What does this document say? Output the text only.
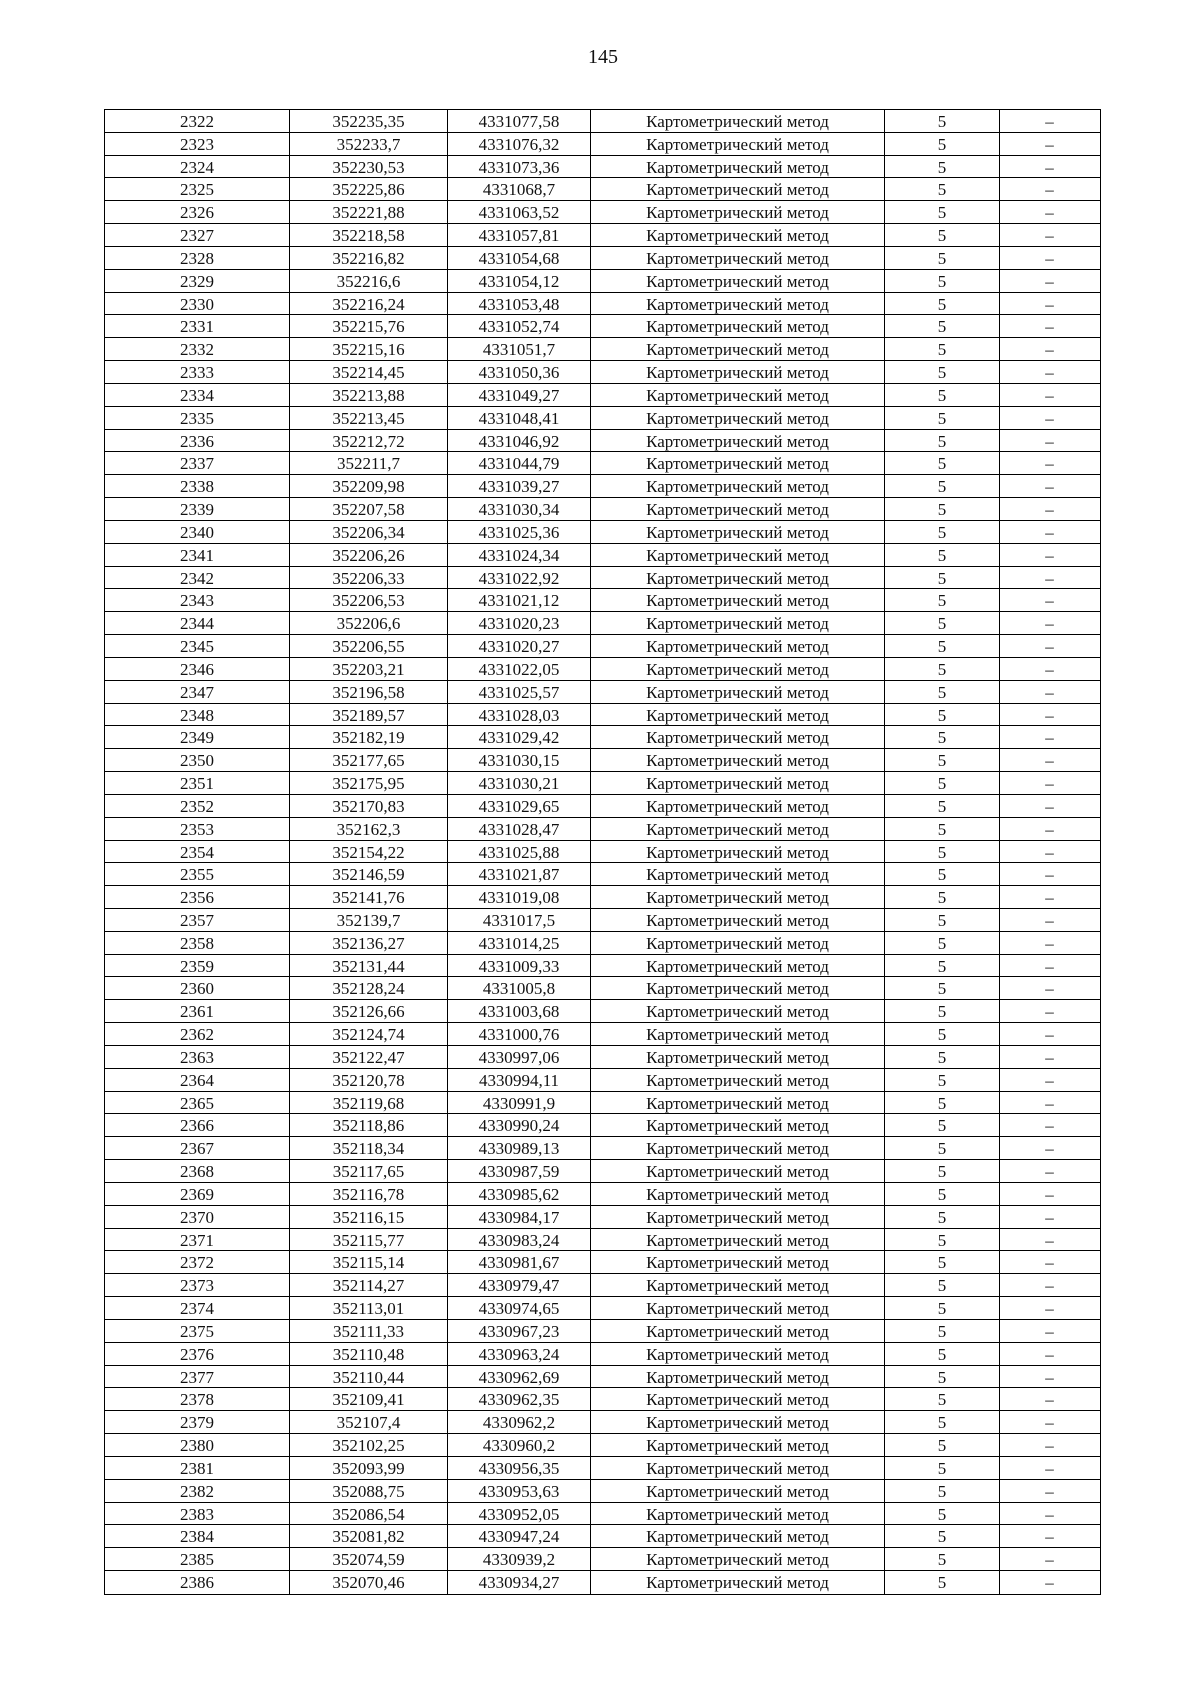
145
2322	352235,35	4331077,58	Картометрический метод	5	–
2323	352233,7	4331076,32	Картометрический метод	5	–
2324	352230,53	4331073,36	Картометрический метод	5	–
2325	352225,86	4331068,7	Картометрический метод	5	–
2326	352221,88	4331063,52	Картометрический метод	5	–
2327	352218,58	4331057,81	Картометрический метод	5	–
2328	352216,82	4331054,68	Картометрический метод	5	–
2329	352216,6	4331054,12	Картометрический метод	5	–
2330	352216,24	4331053,48	Картометрический метод	5	–
2331	352215,76	4331052,74	Картометрический метод	5	–
2332	352215,16	4331051,7	Картометрический метод	5	–
2333	352214,45	4331050,36	Картометрический метод	5	–
2334	352213,88	4331049,27	Картометрический метод	5	–
2335	352213,45	4331048,41	Картометрический метод	5	–
2336	352212,72	4331046,92	Картометрический метод	5	–
2337	352211,7	4331044,79	Картометрический метод	5	–
2338	352209,98	4331039,27	Картометрический метод	5	–
2339	352207,58	4331030,34	Картометрический метод	5	–
2340	352206,34	4331025,36	Картометрический метод	5	–
2341	352206,26	4331024,34	Картометрический метод	5	–
2342	352206,33	4331022,92	Картометрический метод	5	–
2343	352206,53	4331021,12	Картометрический метод	5	–
2344	352206,6	4331020,23	Картометрический метод	5	–
2345	352206,55	4331020,27	Картометрический метод	5	–
2346	352203,21	4331022,05	Картометрический метод	5	–
2347	352196,58	4331025,57	Картометрический метод	5	–
2348	352189,57	4331028,03	Картометрический метод	5	–
2349	352182,19	4331029,42	Картометрический метод	5	–
2350	352177,65	4331030,15	Картометрический метод	5	–
2351	352175,95	4331030,21	Картометрический метод	5	–
2352	352170,83	4331029,65	Картометрический метод	5	–
2353	352162,3	4331028,47	Картометрический метод	5	–
2354	352154,22	4331025,88	Картометрический метод	5	–
2355	352146,59	4331021,87	Картометрический метод	5	–
2356	352141,76	4331019,08	Картометрический метод	5	–
2357	352139,7	4331017,5	Картометрический метод	5	–
2358	352136,27	4331014,25	Картометрический метод	5	–
2359	352131,44	4331009,33	Картометрический метод	5	–
2360	352128,24	4331005,8	Картометрический метод	5	–
2361	352126,66	4331003,68	Картометрический метод	5	–
2362	352124,74	4331000,76	Картометрический метод	5	–
2363	352122,47	4330997,06	Картометрический метод	5	–
2364	352120,78	4330994,11	Картометрический метод	5	–
2365	352119,68	4330991,9	Картометрический метод	5	–
2366	352118,86	4330990,24	Картометрический метод	5	–
2367	352118,34	4330989,13	Картометрический метод	5	–
2368	352117,65	4330987,59	Картометрический метод	5	–
2369	352116,78	4330985,62	Картометрический метод	5	–
2370	352116,15	4330984,17	Картометрический метод	5	–
2371	352115,77	4330983,24	Картометрический метод	5	–
2372	352115,14	4330981,67	Картометрический метод	5	–
2373	352114,27	4330979,47	Картометрический метод	5	–
2374	352113,01	4330974,65	Картометрический метод	5	–
2375	352111,33	4330967,23	Картометрический метод	5	–
2376	352110,48	4330963,24	Картометрический метод	5	–
2377	352110,44	4330962,69	Картометрический метод	5	–
2378	352109,41	4330962,35	Картометрический метод	5	–
2379	352107,4	4330962,2	Картометрический метод	5	–
2380	352102,25	4330960,2	Картометрический метод	5	–
2381	352093,99	4330956,35	Картометрический метод	5	–
2382	352088,75	4330953,63	Картометрический метод	5	–
2383	352086,54	4330952,05	Картометрический метод	5	–
2384	352081,82	4330947,24	Картометрический метод	5	–
2385	352074,59	4330939,2	Картометрический метод	5	–
2386	352070,46	4330934,27	Картометрический метод	5	–
